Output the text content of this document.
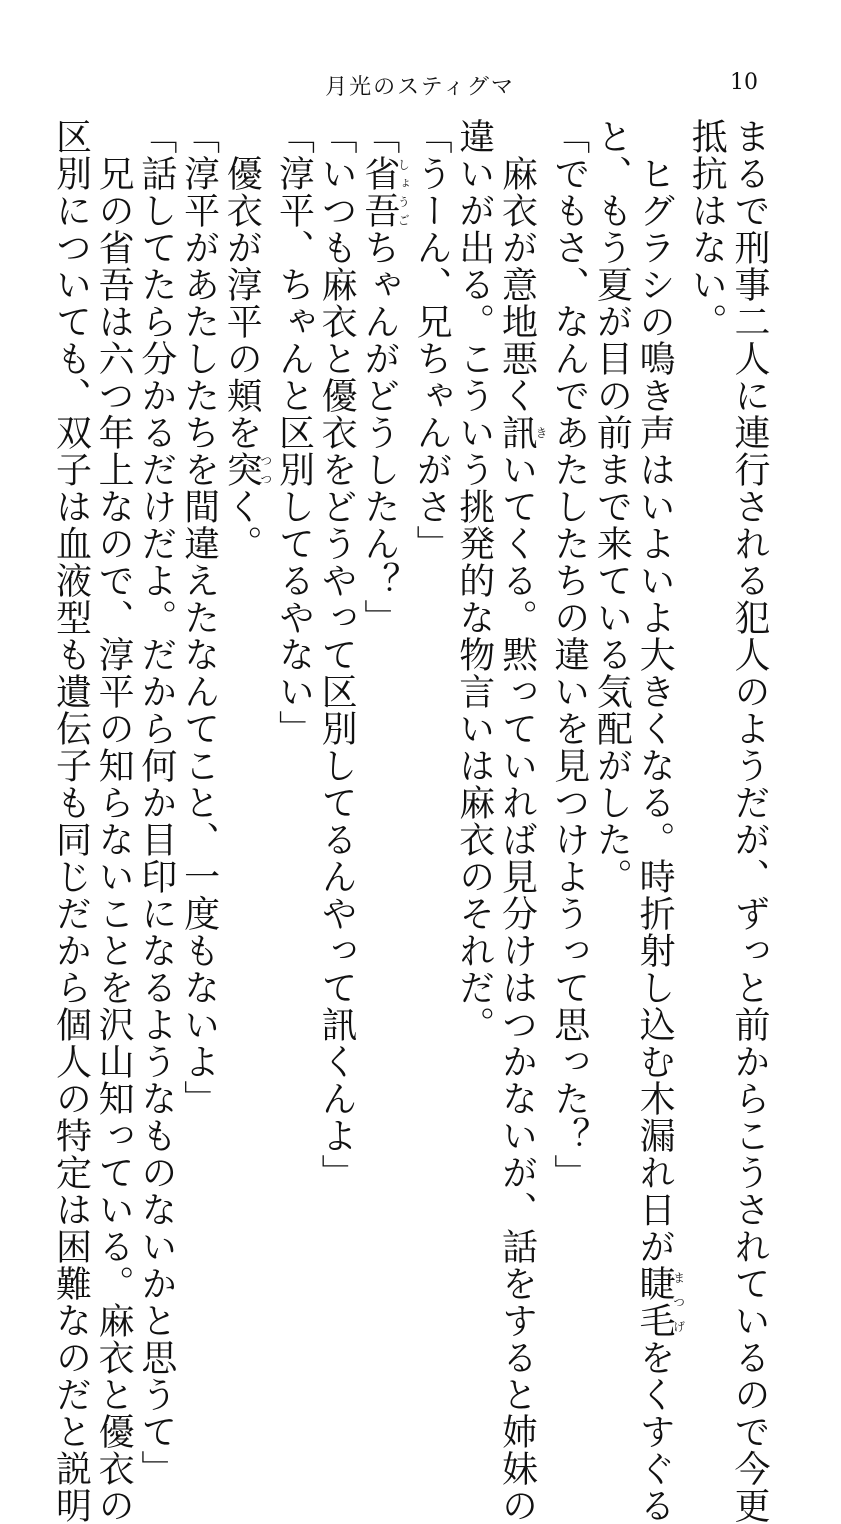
月光のスティグマ	10
まるで刑事二人に連行される犯人のようだが、ずっと前からこうされているので今更
抵抗はない。
　ヒグラシの鳴き声はいよいよ大きくなる。時折射し込む木漏れ日が睫毛まつげをくすぐる
と、もう夏が目の前まで来ている気配がした。
「でもさ、なんであたしたちの違いを見つけようって思った？」
　麻衣が意地悪く訊きいてくる。黙っていれば見分けはつかないが、話をすると姉妹の
違いが出る。こういう挑発的な物言いは麻衣のそれだ。
「うーん、兄ちゃんがさ」
「省吾しょうごちゃんがどうしたん？」
「いつも麻衣と優衣をどうやって区別してるんやって訊くんよ」
「淳平、ちゃんと区別してるやない」
　優衣が淳平の頬を突つつく。
「淳平があたしたちを間違えたなんてこと、一度もないよ」
「話してたら分かるだけだよ。だから何か目印になるようなものないかと思うて」
　兄の省吾は六つ年上なので、淳平の知らないことを沢山知っている。麻衣と優衣の
区別についても、双子は血液型も遺伝子も同じだから個人の特定は困難なのだと説明
